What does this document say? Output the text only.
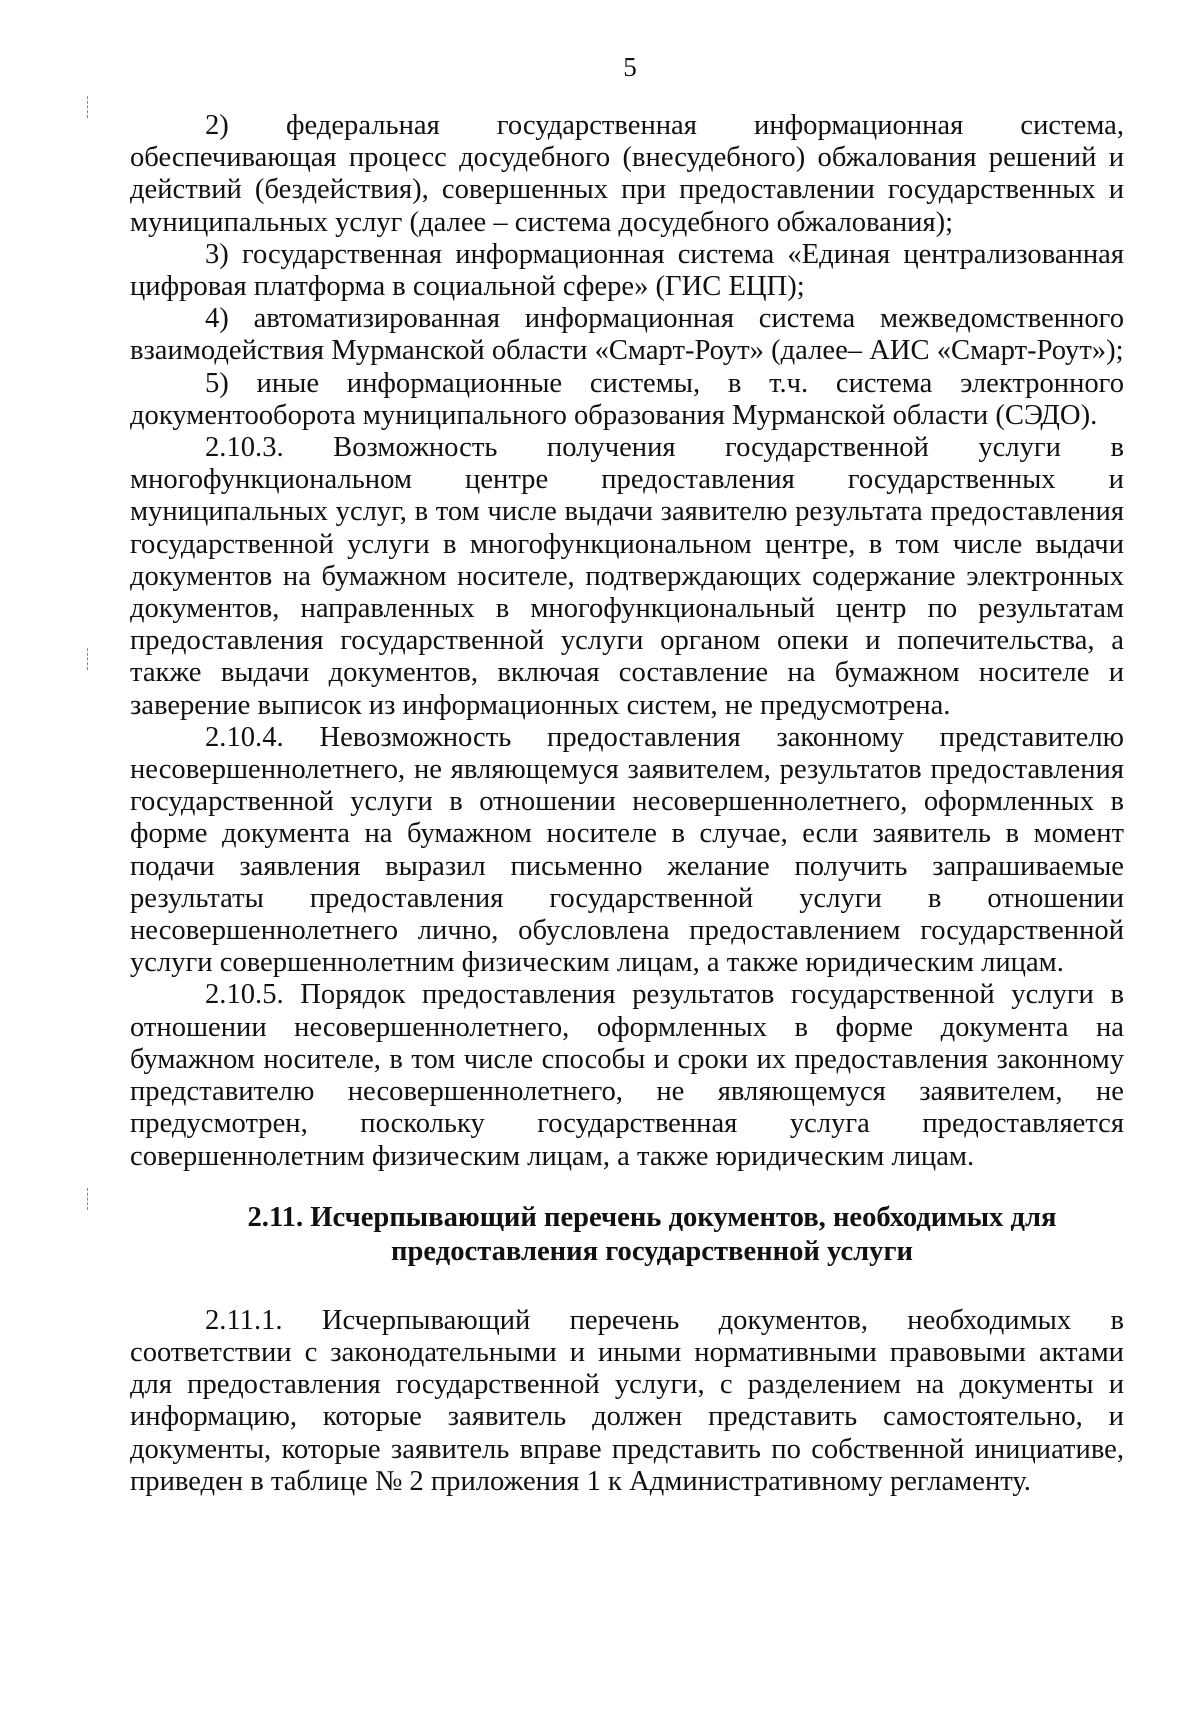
5

2) федеральная государственная информационная система, обеспечивающая процесс досудебного (внесудебного) обжалования решений и действий (бездействия), совершенных при предоставлении государственных и муниципальных услуг (далее – система досудебного обжалования);

3) государственная информационная система «Единая централизованная цифровая платформа в социальной сфере» (ГИС ЕЦП);

4) автоматизированная информационная система межведомственного взаимодействия Мурманской области «Смарт-Роут» (далее– АИС «Смарт-Роут»);

5) иные информационные системы, в т.ч. система электронного документооборота муниципального образования Мурманской области (СЭДО).

2.10.3. Возможность получения государственной услуги в многофункциональном центре предоставления государственных и муниципальных услуг, в том числе выдачи заявителю результата предоставления государственной услуги в многофункциональном центре, в том числе выдачи документов на бумажном носителе, подтверждающих содержание электронных документов, направленных в многофункциональный центр по результатам предоставления государственной услуги органом опеки и попечительства, а также выдачи документов, включая составление на бумажном носителе и заверение выписок из информационных систем, не предусмотрена.

2.10.4. Невозможность предоставления законному представителю несовершеннолетнего, не являющемуся заявителем, результатов предоставления государственной услуги в отношении несовершеннолетнего, оформленных в форме документа на бумажном носителе в случае, если заявитель в момент подачи заявления выразил письменно желание получить запрашиваемые результаты предоставления государственной услуги в отношении несовершеннолетнего лично, обусловлена предоставлением государственной услуги совершеннолетним физическим лицам, а также юридическим лицам.

2.10.5. Порядок предоставления результатов государственной услуги в отношении несовершеннолетнего, оформленных в форме документа на бумажном носителе, в том числе способы и сроки их предоставления законному представителю несовершеннолетнего, не являющемуся заявителем, не предусмотрен, поскольку государственная услуга предоставляется совершеннолетним физическим лицам, а также юридическим лицам.

2.11. Исчерпывающий перечень документов, необходимых для предоставления государственной услуги

2.11.1. Исчерпывающий перечень документов, необходимых в соответствии с законодательными и иными нормативными правовыми актами для предоставления государственной услуги, с разделением на документы и информацию, которые заявитель должен представить самостоятельно, и документы, которые заявитель вправе представить по собственной инициативе, приведен в таблице № 2 приложения 1 к Административному регламенту.
